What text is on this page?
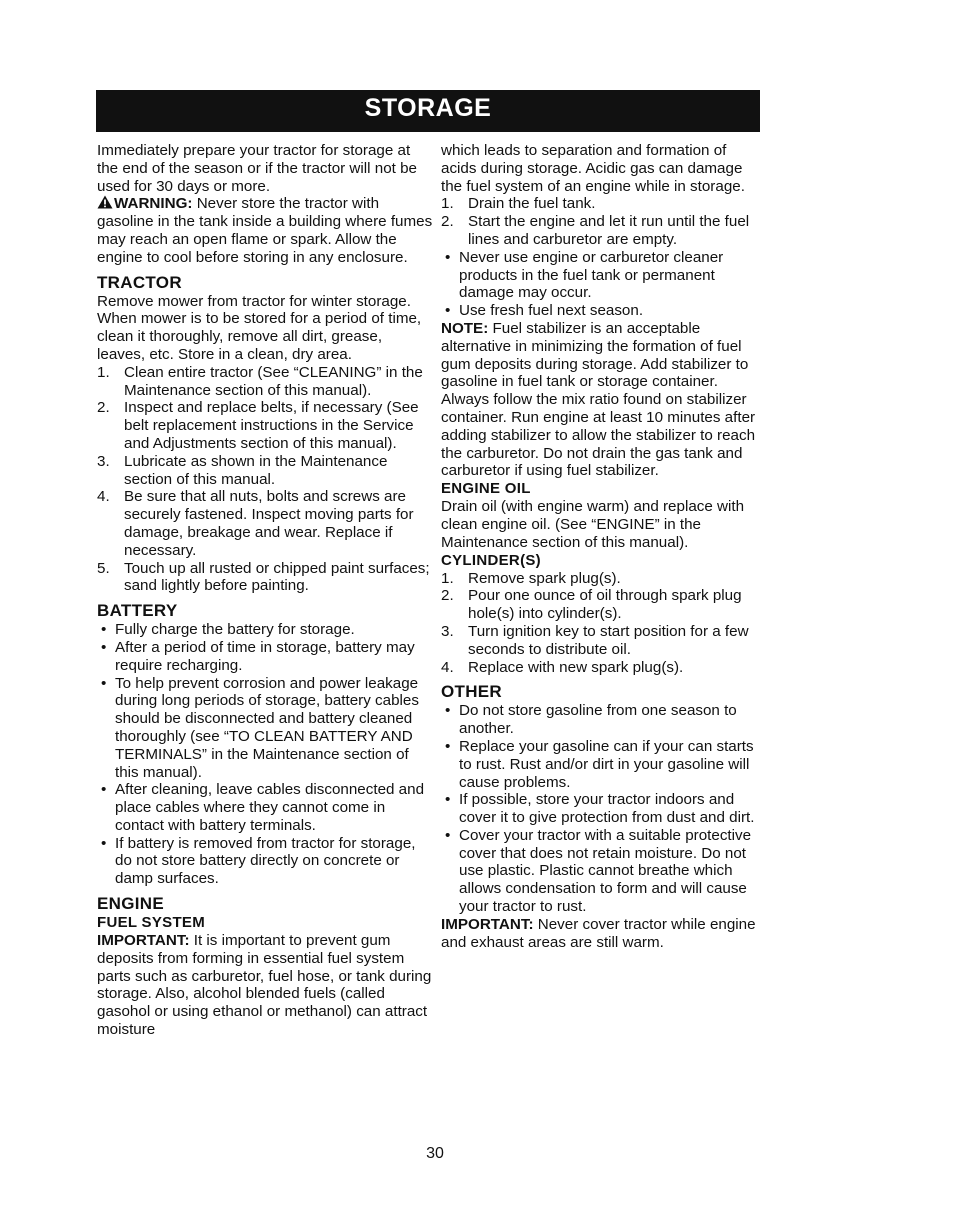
STORAGE

Immediately prepare your tractor for storage at the end of the season or if the tractor will not be used for 30 days or more.
WARNING: Never store the tractor with gasoline in the tank inside a building where fumes may reach an open flame or spark. Allow the engine to cool before storing in any enclosure.

TRACTOR

Remove mower from tractor for winter storage. When mower is to be stored for a period of time, clean it thoroughly, remove all dirt, grease, leaves, etc. Store in a clean, dry area.

1. Clean entire tractor (See “CLEANING” in the Maintenance section of this manual).
2. Inspect and replace belts, if necessary (See belt replacement instructions in the Service and Adjustments section of this manual).
3. Lubricate as shown in the Maintenance section of this manual.
4. Be sure that all nuts, bolts and screws are securely fastened. Inspect moving parts for damage, breakage and wear. Replace if necessary.
5. Touch up all rusted or chipped paint surfaces; sand lightly before painting.
BATTERY
• Fully charge the battery for storage.
• After a period of time in storage, battery may require recharging.
• To help prevent corrosion and power leakage during long periods of storage, battery cables should be disconnected and battery cleaned thoroughly (see “TO CLEAN BATTERY AND TERMINALS” in the Maintenance section of this manual).
• After cleaning, leave cables disconnected and place cables where they cannot come in contact with battery terminals.
• If battery is removed from tractor for storage, do not store battery directly on concrete or damp surfaces.
ENGINE
FUEL SYSTEM

IMPORTANT: It is important to prevent gum deposits from forming in essential fuel system parts such as carburetor, fuel hose, or tank during storage. Also, alcohol blended fuels (called gasohol or using ethanol or methanol) can attract moisture

which leads to separation and formation of acids during storage. Acidic gas can damage the fuel system of an engine while in storage.

1. Drain the fuel tank.
2. Start the engine and let it run until the fuel lines and carburetor are empty.
• Never use engine or carburetor cleaner products in the fuel tank or permanent damage may occur.
• Use fresh fuel next season.

NOTE: Fuel stabilizer is an acceptable alternative in minimizing the formation of fuel gum deposits during storage. Add stabilizer to gasoline in fuel tank or storage container. Always follow the mix ratio found on stabilizer container. Run engine at least 10 minutes after adding stabilizer to allow the stabilizer to reach the carburetor. Do not drain the gas tank and carburetor if using fuel stabilizer.

ENGINE OIL

Drain oil (with engine warm) and replace with clean engine oil. (See “ENGINE” in the Maintenance section of this manual).

CYLINDER(S)
1. Remove spark plug(s).
2. Pour one ounce of oil through spark plug hole(s) into cylinder(s).
3. Turn ignition key to start position for a few seconds to distribute oil.
4. Replace with new spark plug(s).
OTHER
• Do not store gasoline from one season to another.
• Replace your gasoline can if your can starts to rust. Rust and/or dirt in your gasoline will cause problems.
• If possible, store your tractor indoors and cover it to give protection from dust and dirt.
• Cover your tractor with a suitable protective cover that does not retain moisture. Do not use plastic. Plastic cannot breathe which allows condensation to form and will cause your tractor to rust.

IMPORTANT: Never cover tractor while engine and exhaust areas are still warm.

30
